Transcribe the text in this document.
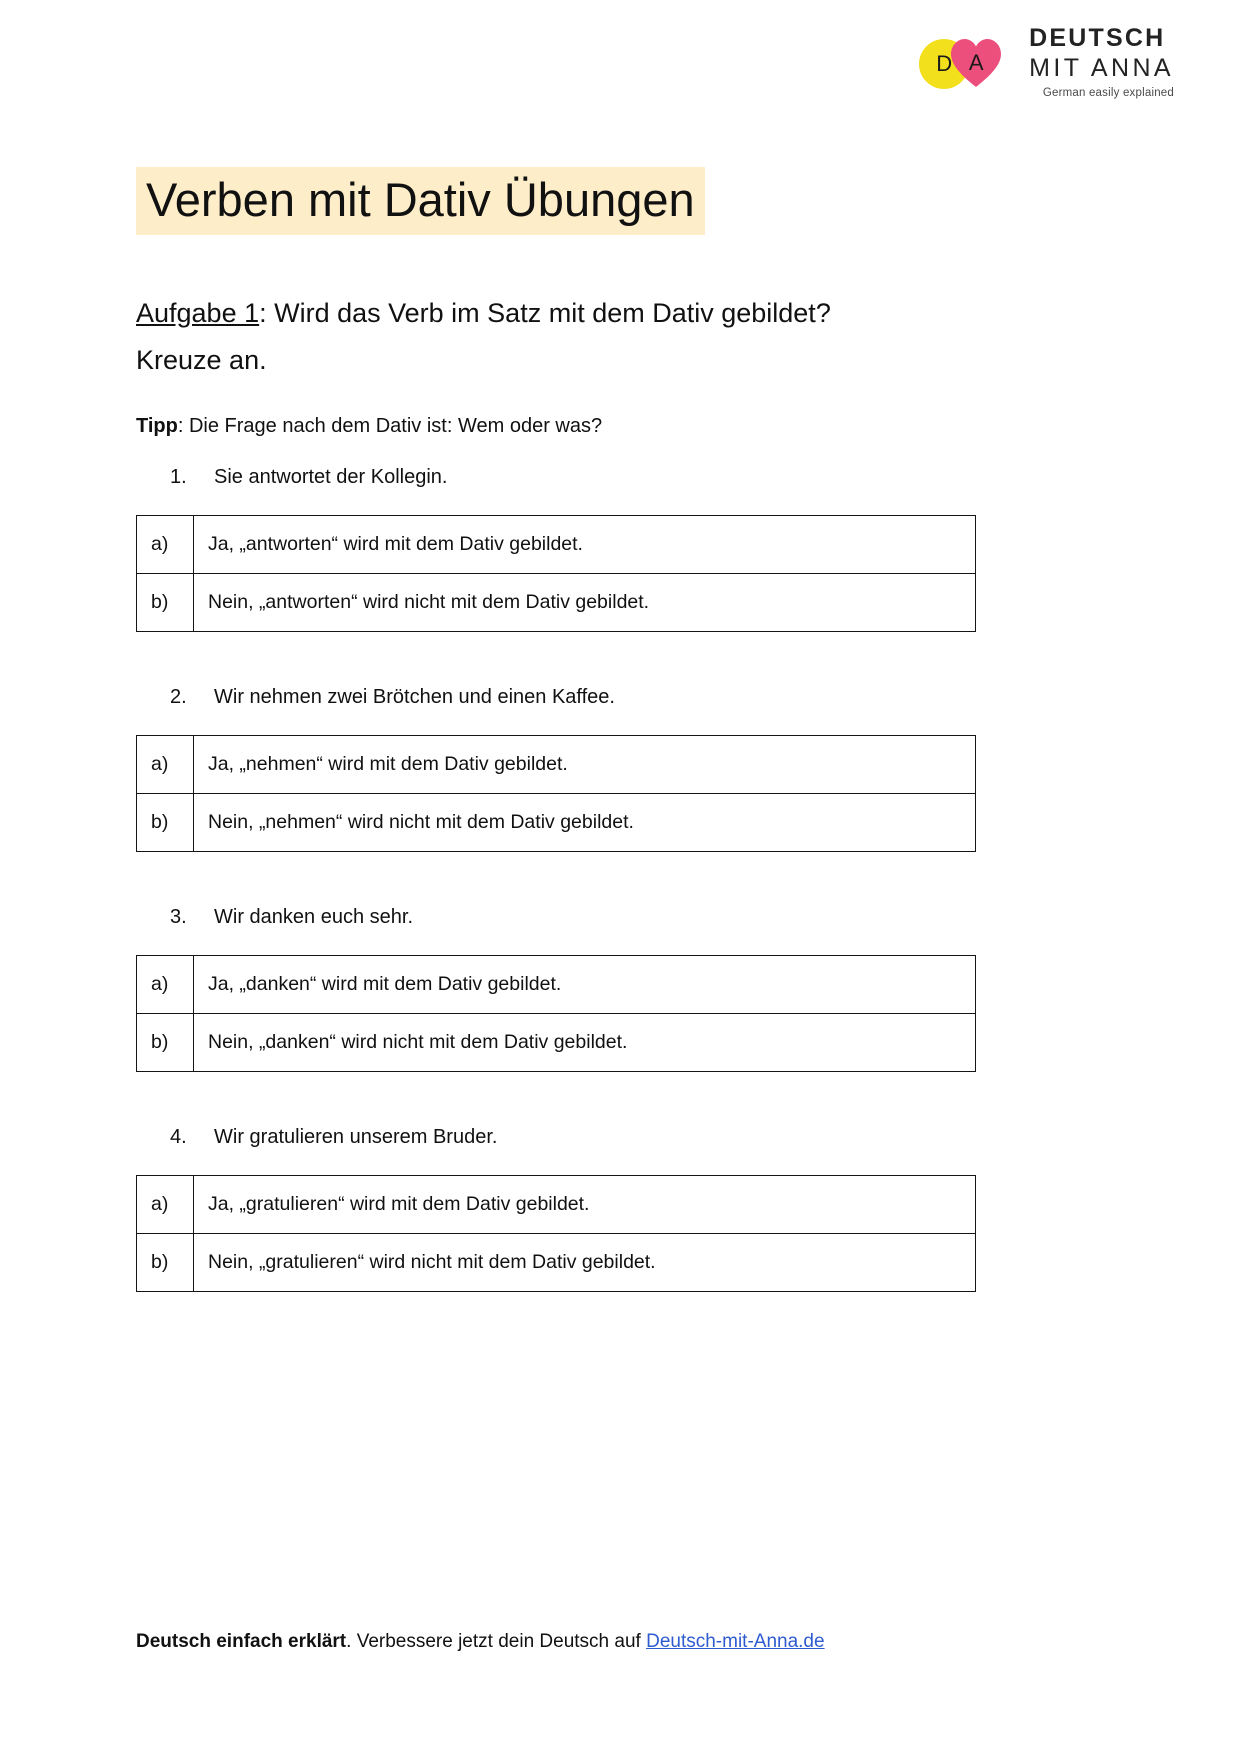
D A
DEUTSCH
MIT ANNA
German easily explained
Verben mit Dativ Übungen

Aufgabe 1: Wird das Verb im Satz mit dem Dativ gebildet? Kreuze an.

Tipp: Die Frage nach dem Dativ ist: Wem oder was?

1.	Sie antwortet der Kollegin.

a)	Ja, „antworten“ wird mit dem Dativ gebildet.
b)	Nein, „antworten“ wird nicht mit dem Dativ gebildet.

2.	Wir nehmen zwei Brötchen und einen Kaffee.

a)	Ja, „nehmen“ wird mit dem Dativ gebildet.
b)	Nein, „nehmen“ wird nicht mit dem Dativ gebildet.

3.	Wir danken euch sehr.

a)	Ja, „danken“ wird mit dem Dativ gebildet.
b)	Nein, „danken“ wird nicht mit dem Dativ gebildet.

4.	Wir gratulieren unserem Bruder.

a)	Ja, „gratulieren“ wird mit dem Dativ gebildet.
b)	Nein, „gratulieren“ wird nicht mit dem Dativ gebildet.
Deutsch einfach erklärt. Verbessere jetzt dein Deutsch auf Deutsch-mit-Anna.de
